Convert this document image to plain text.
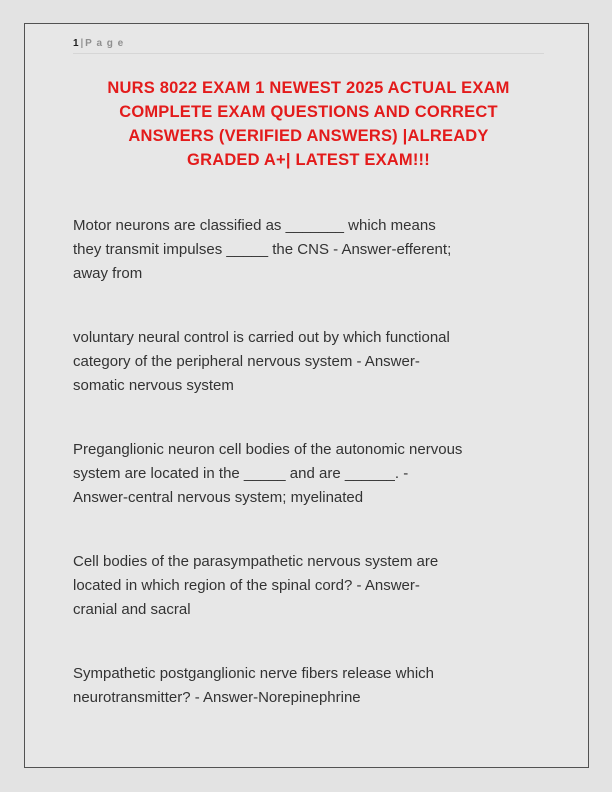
1 | P a g e
NURS 8022 EXAM 1 NEWEST 2025 ACTUAL EXAM
COMPLETE EXAM QUESTIONS AND CORRECT
ANSWERS (VERIFIED ANSWERS) |ALREADY
GRADED A+| LATEST EXAM!!!
Motor neurons are classified as _______ which means
they transmit impulses _____ the CNS - Answer-efferent;
away from
voluntary neural control is carried out by which functional
category of the peripheral nervous system - Answer-
somatic nervous system
Preganglionic neuron cell bodies of the autonomic nervous
system are located in the _____ and are ______. -
Answer-central nervous system; myelinated
Cell bodies of the parasympathetic nervous system are
located in which region of the spinal cord? - Answer-
cranial and sacral
Sympathetic postganglionic nerve fibers release which
neurotransmitter? - Answer-Norepinephrine
